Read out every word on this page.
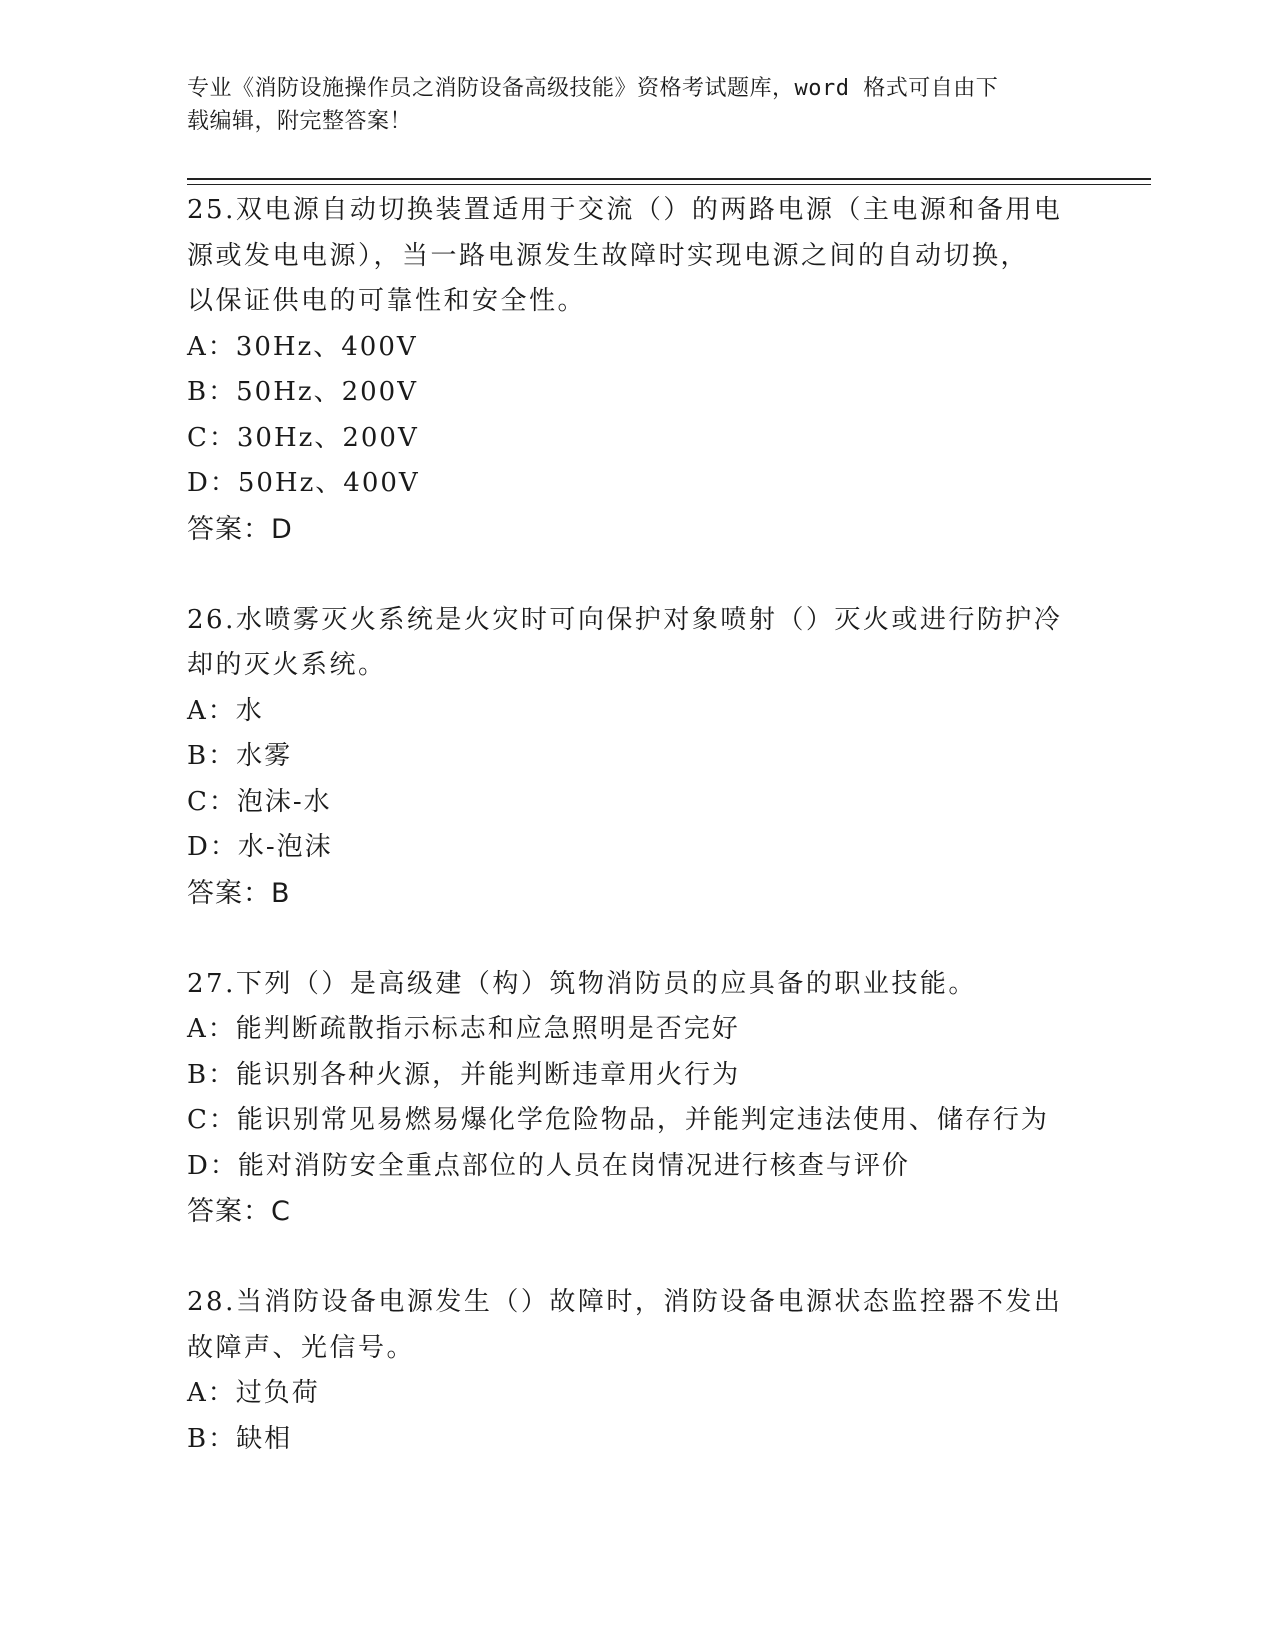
专业《消防设施操作员之消防设备高级技能》资格考试题库，word 格式可自由下
载编辑，附完整答案！
25.双电源自动切换装置适用于交流（）的两路电源（主电源和备用电
源或发电电源），当一路电源发生故障时实现电源之间的自动切换，
以保证供电的可靠性和安全性。
A：30Hz、400V
B：50Hz、200V
C：30Hz、200V
D：50Hz、400V
答案：D
26.水喷雾灭火系统是火灾时可向保护对象喷射（）灭火或进行防护冷
却的灭火系统。
A：水
B：水雾
C：泡沫-水
D：水-泡沫
答案：B
27.下列（）是高级建（构）筑物消防员的应具备的职业技能。
A：能判断疏散指示标志和应急照明是否完好
B：能识别各种火源，并能判断违章用火行为
C：能识别常见易燃易爆化学危险物品，并能判定违法使用、储存行为
D：能对消防安全重点部位的人员在岗情况进行核查与评价
答案：C
28.当消防设备电源发生（）故障时，消防设备电源状态监控器不发出
故障声、光信号。
A：过负荷
B：缺相
